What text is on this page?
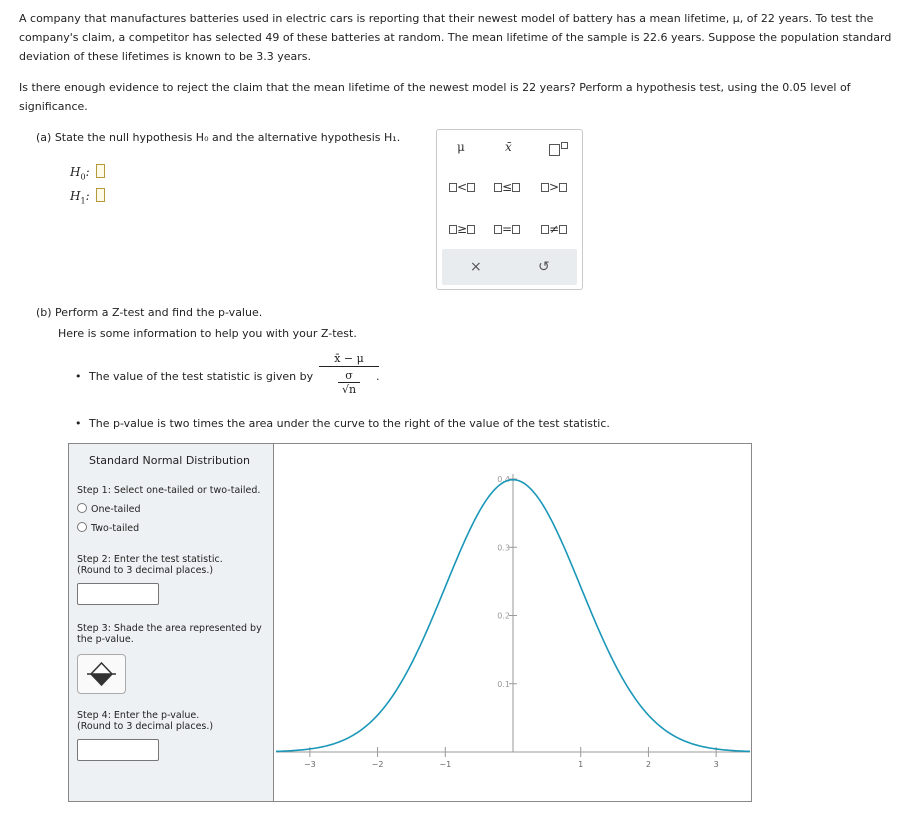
A company that manufactures batteries used in electric cars is reporting that their newest model of battery has a mean lifetime, μ, of 22 years. To test the company's claim, a competitor has selected 49 of these batteries at random. The mean lifetime of the sample is 22.6 years. Suppose the population standard deviation of these lifetimes is known to be 3.3 years.
Is there enough evidence to reject the claim that the mean lifetime of the newest model is 22 years? Perform a hypothesis test, using the 0.05 level of significance.
(a) State the null hypothesis H₀ and the alternative hypothesis H₁.
$H_0$:
$H_1$:
μ	x̄
<	≤	>
≥	=	≠
×	↺
(b) Perform a Z-test and find the p-value.
Here is some information to help you with your Z-test.
• The value of the test statistic is given by
x̄ − μ
σ
√n
.
• The p-value is two times the area under the curve to the right of the value of the test statistic.
Standard Normal Distribution
Step 1: Select one-tailed or two-tailed.
One-tailed
Two-tailed
Step 2: Enter the test statistic.
(Round to 3 decimal places.)
Step 3: Shade the area represented by
the p-value.
Step 4: Enter the p-value.
(Round to 3 decimal places.)
−3	−2	−1	1	2	3
0.1
0.2
0.3
0.4
